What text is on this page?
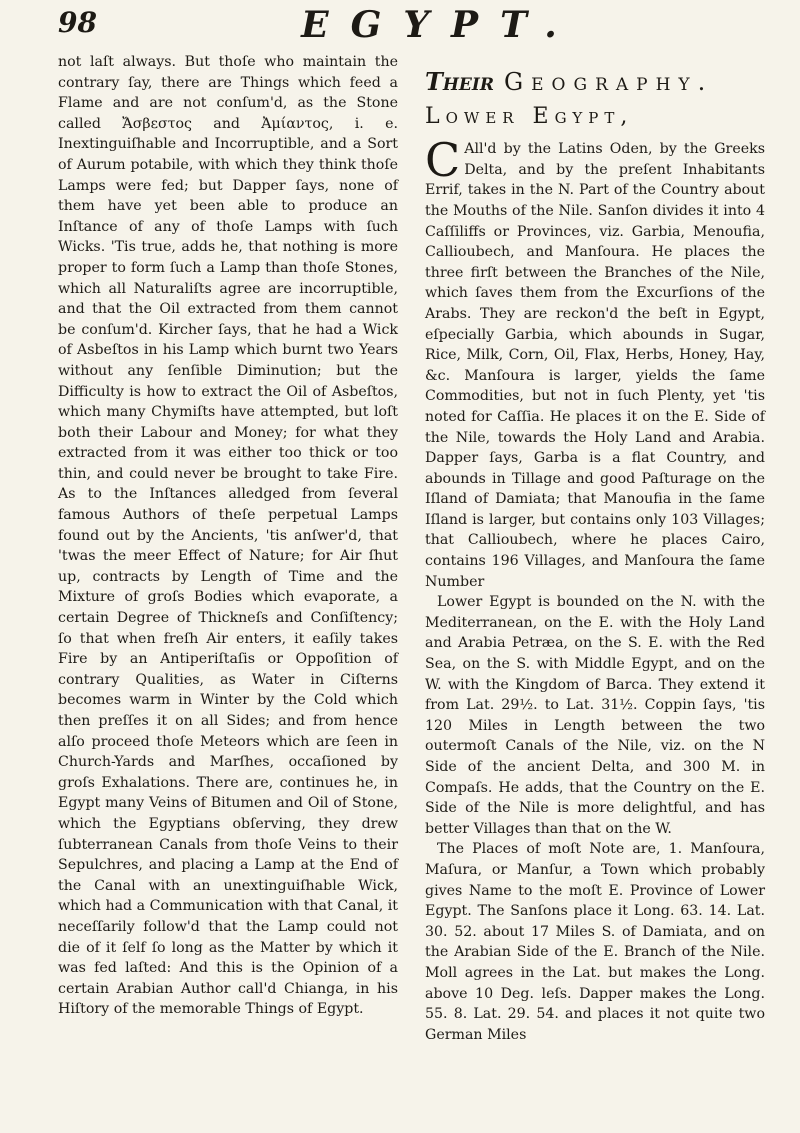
98	EGYPT.

not laſt always. But thoſe who maintain the contrary ſay, there are Things which feed a Flame and are not conſum'd, as the Stone called Ἄσβεστος and Ἀμίαντος, i. e. Inextinguiſhable and Incorruptible, and a Sort of Aurum potabile, with which they think thoſe Lamps were fed; but Dapper ſays, none of them have yet been able to produce an Inſtance of any of thoſe Lamps with ſuch Wicks. 'Tis true, adds he, that nothing is more proper to form ſuch a Lamp than thoſe Stones, which all Naturaliſts agree are incorruptible, and that the Oil extracted from them cannot be conſum'd. Kircher ſays, that he had a Wick of Asbeſtos in his Lamp which burnt two Years without any ſenſible Diminution; but the Difficulty is how to extract the Oil of Asbeſtos, which many Chymiſts have attempted, but loſt both their Labour and Money; for what they extracted from it was either too thick or too thin, and could never be brought to take Fire. As to the Inſtances alledged from ſeveral famous Authors of theſe perpetual Lamps found out by the Ancients, 'tis anſwer'd, that 'twas the meer Effect of Nature; for Air ſhut up, contracts by Length of Time and the Mixture of groſs Bodies which evaporate, a certain Degree of Thickneſs and Conſiſtency; ſo that when freſh Air enters, it eaſily takes Fire by an Antiperiſtaſis or Oppoſition of contrary Qualities, as Water in Ciſterns becomes warm in Winter by the Cold which then preſſes it on all Sides; and from hence alſo proceed thoſe Meteors which are ſeen in Church-Yards and Marſhes, occaſioned by groſs Exhalations. There are, continues he, in Egypt many Veins of Bitumen and Oil of Stone, which the Egyptians obſerving, they drew ſubterranean Canals from thoſe Veins to their Sepulchres, and placing a Lamp at the End of the Canal with an unextinguiſhable Wick, which had a Communication with that Canal, it neceſſarily follow'd that the Lamp could not die of it ſelf ſo long as the Matter by which it was fed laſted: And this is the Opinion of a certain Arabian Author call'd Chianga, in his Hiſtory of the memorable Things of Egypt.

Their Geography.
Lower Egypt,

CAll'd by the Latins Oden, by the Greeks Delta, and by the preſent Inhabitants Errif, takes in the N. Part of the Country about the Mouths of the Nile. Sanſon divides it into 4 Caſſiliffs or Provinces, viz. Garbia, Menoufia, Callioubech, and Manſoura. He places the three firſt between the Branches of the Nile, which ſaves them from the Excurſions of the Arabs. They are reckon'd the beſt in Egypt, eſpecially Garbia, which abounds in Sugar, Rice, Milk, Corn, Oil, Flax, Herbs, Honey, Hay, &c. Manſoura is larger, yields the ſame Commodities, but not in ſuch Plenty, yet 'tis noted for Caſſia. He places it on the E. Side of the Nile, towards the Holy Land and Arabia. Dapper ſays, Garba is a flat Country, and abounds in Tillage and good Paſturage on the Iſland of Damiata; that Manoufia in the ſame Iſland is larger, but contains only 103 Villages; that Callioubech, where he places Cairo, contains 196 Villages, and Manſoura the ſame Number

Lower Egypt is bounded on the N. with the Mediterranean, on the E. with the Holy Land and Arabia Petræa, on the S. E. with the Red Sea, on the S. with Middle Egypt, and on the W. with the Kingdom of Barca. They extend it from Lat. 29½. to Lat. 31½. Coppin ſays, 'tis 120 Miles in Length between the two outermoſt Canals of the Nile, viz. on the N Side of the ancient Delta, and 300 M. in Compaſs. He adds, that the Country on the E. Side of the Nile is more delightful, and has better Villages than that on the W.

The Places of moſt Note are, 1. Manſoura, Maſura, or Manſur, a Town which probably gives Name to the moſt E. Province of Lower Egypt. The Sanſons place it Long. 63. 14. Lat. 30. 52. about 17 Miles S. of Damiata, and on the Arabian Side of the E. Branch of the Nile. Moll agrees in the Lat. but makes the Long. above 10 Deg. leſs. Dapper makes the Long. 55. 8. Lat. 29. 54. and places it not quite two German Miles
